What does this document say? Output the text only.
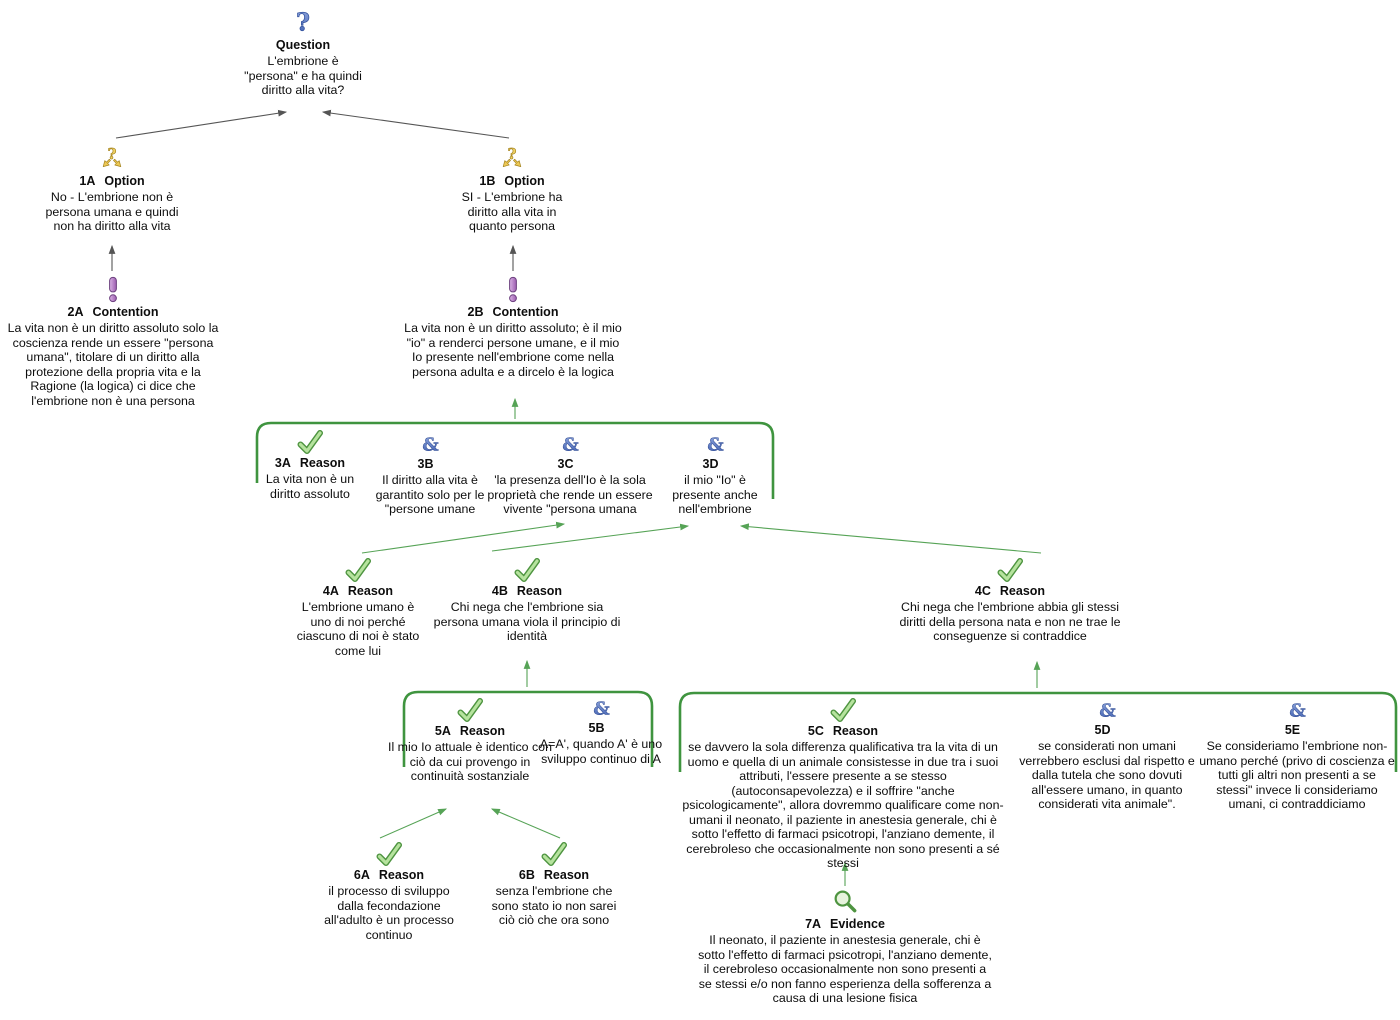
Question
L'embrione è "persona" e ha quindi diritto alla vita?
1A Option
No - L'embrione non è persona umana e quindi non ha diritto alla vita
1B Option
SI - L'embrione ha diritto alla vita in quanto persona
2A Contention
La vita non è un diritto assoluto solo la coscienza rende un essere "persona umana", titolare di un diritto alla protezione della propria vita e la Ragione (la logica) ci dice che l'embrione non è una persona
2B Contention
La vita non è un diritto assoluto; è il mio "io" a renderci persone umane, e il mio Io presente nell'embrione come nella persona adulta e a dircelo è la logica
3A Reason
La vita non è un diritto assoluto
3B
Il diritto alla vita è garantito solo per le "persone umane
3C
'la presenza dell'Io è la sola proprietà che rende un essere vivente "persona umana
3D
il mio "Io" è presente anche nell'embrione
4A Reason
L'embrione umano è uno di noi perché ciascuno di noi è stato come lui
4B Reason
Chi nega che l'embrione sia persona umana viola il principio di identità
4C Reason
Chi nega che l'embrione abbia gli stessi diritti della persona nata e non ne trae le conseguenze si contraddice
5A Reason
Il mio Io attuale è identico con ciò da cui provengo in continuità sostanziale
5B
A=A', quando A' è uno sviluppo continuo di A
5C Reason
se davvero la sola differenza qualificativa tra la vita di un uomo e quella di un animale consistesse in due tra i suoi attributi, l'essere presente a se stesso (autoconsapevolezza) e il soffrire "anche psicologicamente", allora dovremmo qualificare come non-umani il neonato, il paziente in anestesia generale, chi è sotto l'effetto di farmaci psicotropi, l'anziano demente, il cerebroleso che occasionalmente non sono presenti a sé stessi
5D
se considerati non umani verrebbero esclusi dal rispetto e dalla tutela che sono dovuti all'essere umano, in quanto considerati vita animale".
5E
Se consideriamo l'embrione non-umano perché (privo di coscienza e tutti gli altri non presenti a se stessi" invece li consideriamo umani, ci contraddiciamo
6A Reason
il processo di sviluppo dalla fecondazione all'adulto è un processo continuo
6B Reason
senza l'embrione che sono stato io non sarei ciò ciò che ora sono	7A Evidence
Il neonato, il paziente in anestesia generale, chi è sotto l'effetto di farmaci psicotropi, l'anziano demente, il cerebroleso occasionalmente non sono presenti a se stessi e/o non fanno esperienza della sofferenza a causa di una lesione fisica
